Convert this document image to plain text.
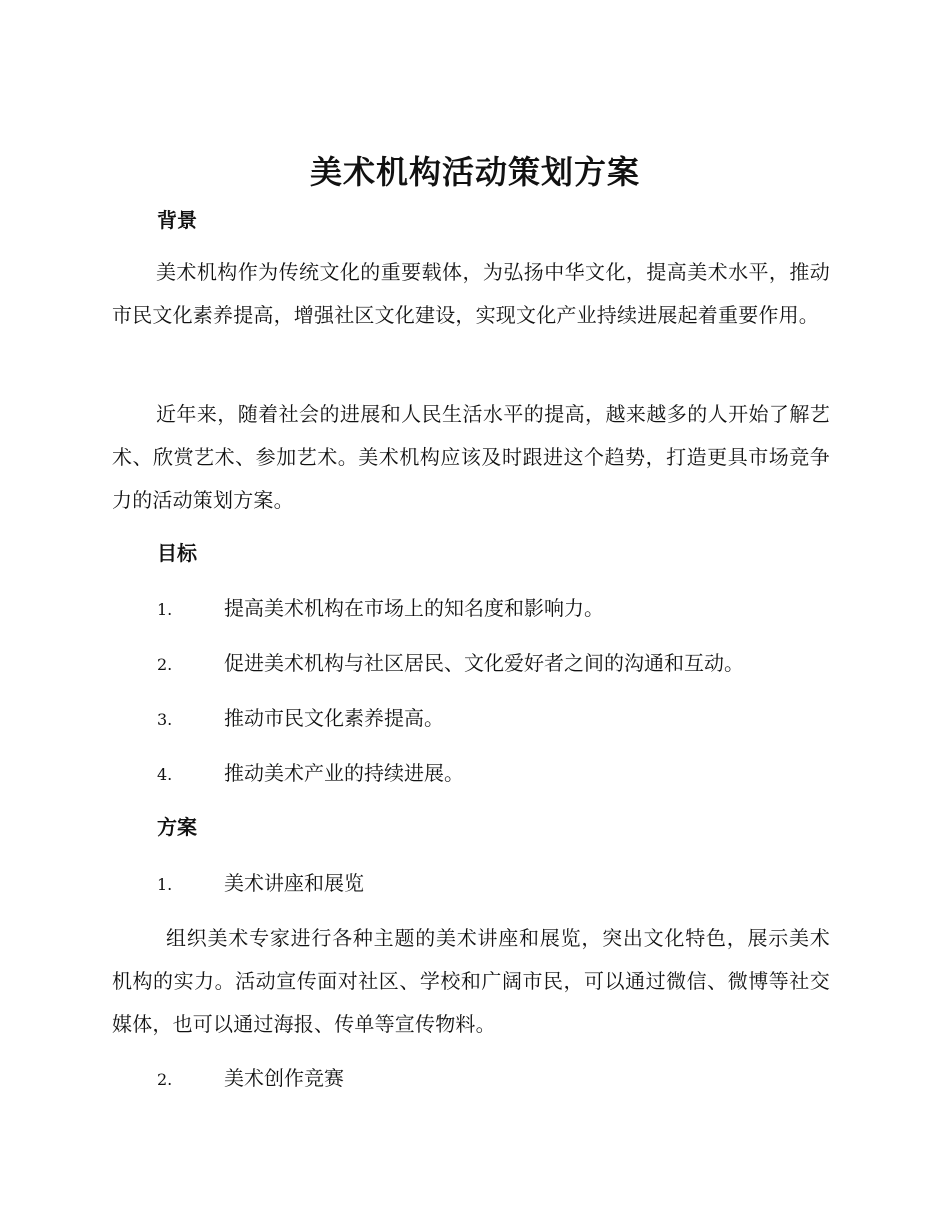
美术机构活动策划方案
背景

美术机构作为传统文化的重要载体，为弘扬中华文化，提高美术水平，推动市民文化素养提高，增强社区文化建设，实现文化产业持续进展起着重要作用。

近年来，随着社会的进展和人民生活水平的提高，越来越多的人开始了解艺术、欣赏艺术、参加艺术。美术机构应该及时跟进这个趋势，打造更具市场竞争力的活动策划方案。

目标
1.	提高美术机构在市场上的知名度和影响力。
2.	促进美术机构与社区居民、文化爱好者之间的沟通和互动。
3.	推动市民文化素养提高。
4.	推动美术产业的持续进展。
方案
1.	美术讲座和展览

组织美术专家进行各种主题的美术讲座和展览，突出文化特色，展示美术机构的实力。活动宣传面对社区、学校和广阔市民，可以通过微信、微博等社交媒体，也可以通过海报、传单等宣传物料。

2.	美术创作竞赛
